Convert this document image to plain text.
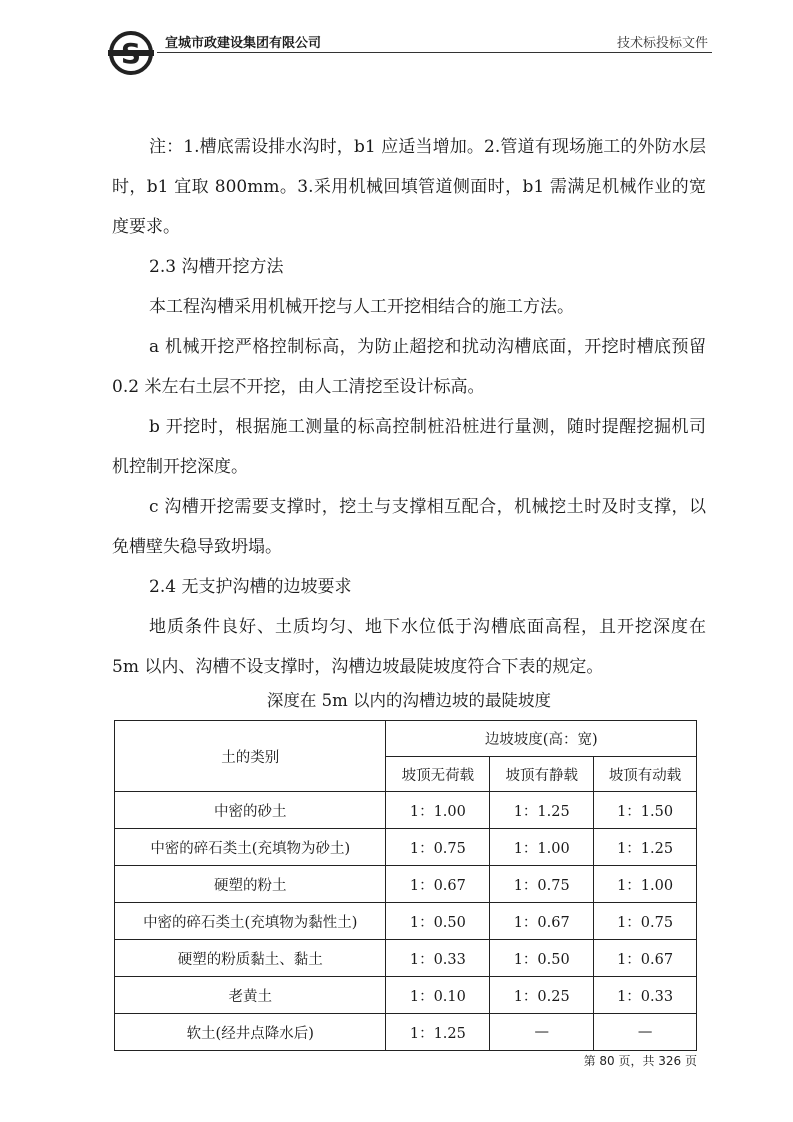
S 宣城市政建设集团有限公司	技术标投标文件

注：1.槽底需设排水沟时，b1 应适当增加。2.管道有现场施工的外防水层时，b1 宜取 800mm。3.采用机械回填管道侧面时，b1 需满足机械作业的宽度要求。

2.3 沟槽开挖方法

本工程沟槽采用机械开挖与人工开挖相结合的施工方法。

a 机械开挖严格控制标高，为防止超挖和扰动沟槽底面，开挖时槽底预留 0.2 米左右土层不开挖，由人工清挖至设计标高。

b 开挖时，根据施工测量的标高控制桩沿桩进行量测，随时提醒挖掘机司机控制开挖深度。

c 沟槽开挖需要支撑时，挖土与支撑相互配合，机械挖土时及时支撑，以免槽壁失稳导致坍塌。

2.4 无支护沟槽的边坡要求

地质条件良好、土质均匀、地下水位低于沟槽底面高程，且开挖深度在 5m 以内、沟槽不设支撑时，沟槽边坡最陡坡度符合下表的规定。

深度在 5m 以内的沟槽边坡的最陡坡度
土的类别	边坡坡度(高：宽)		
	坡顶无荷载	坡顶有静载	坡顶有动载
中密的砂土	1：1.00	1：1.25	1：1.50
中密的碎石类土(充填物为砂土)	1：0.75	1：1.00	1：1.25
硬塑的粉土	1：0.67	1：0.75	1：1.00
中密的碎石类土(充填物为黏性土)	1：0.50	1：0.67	1：0.75
硬塑的粉质黏土、黏土	1：0.33	1：0.50	1：0.67
老黄土	1：0.10	1：0.25	1：0.33
软土(经井点降水后)	1：1.25	—	—
第 80 页，共 326 页
